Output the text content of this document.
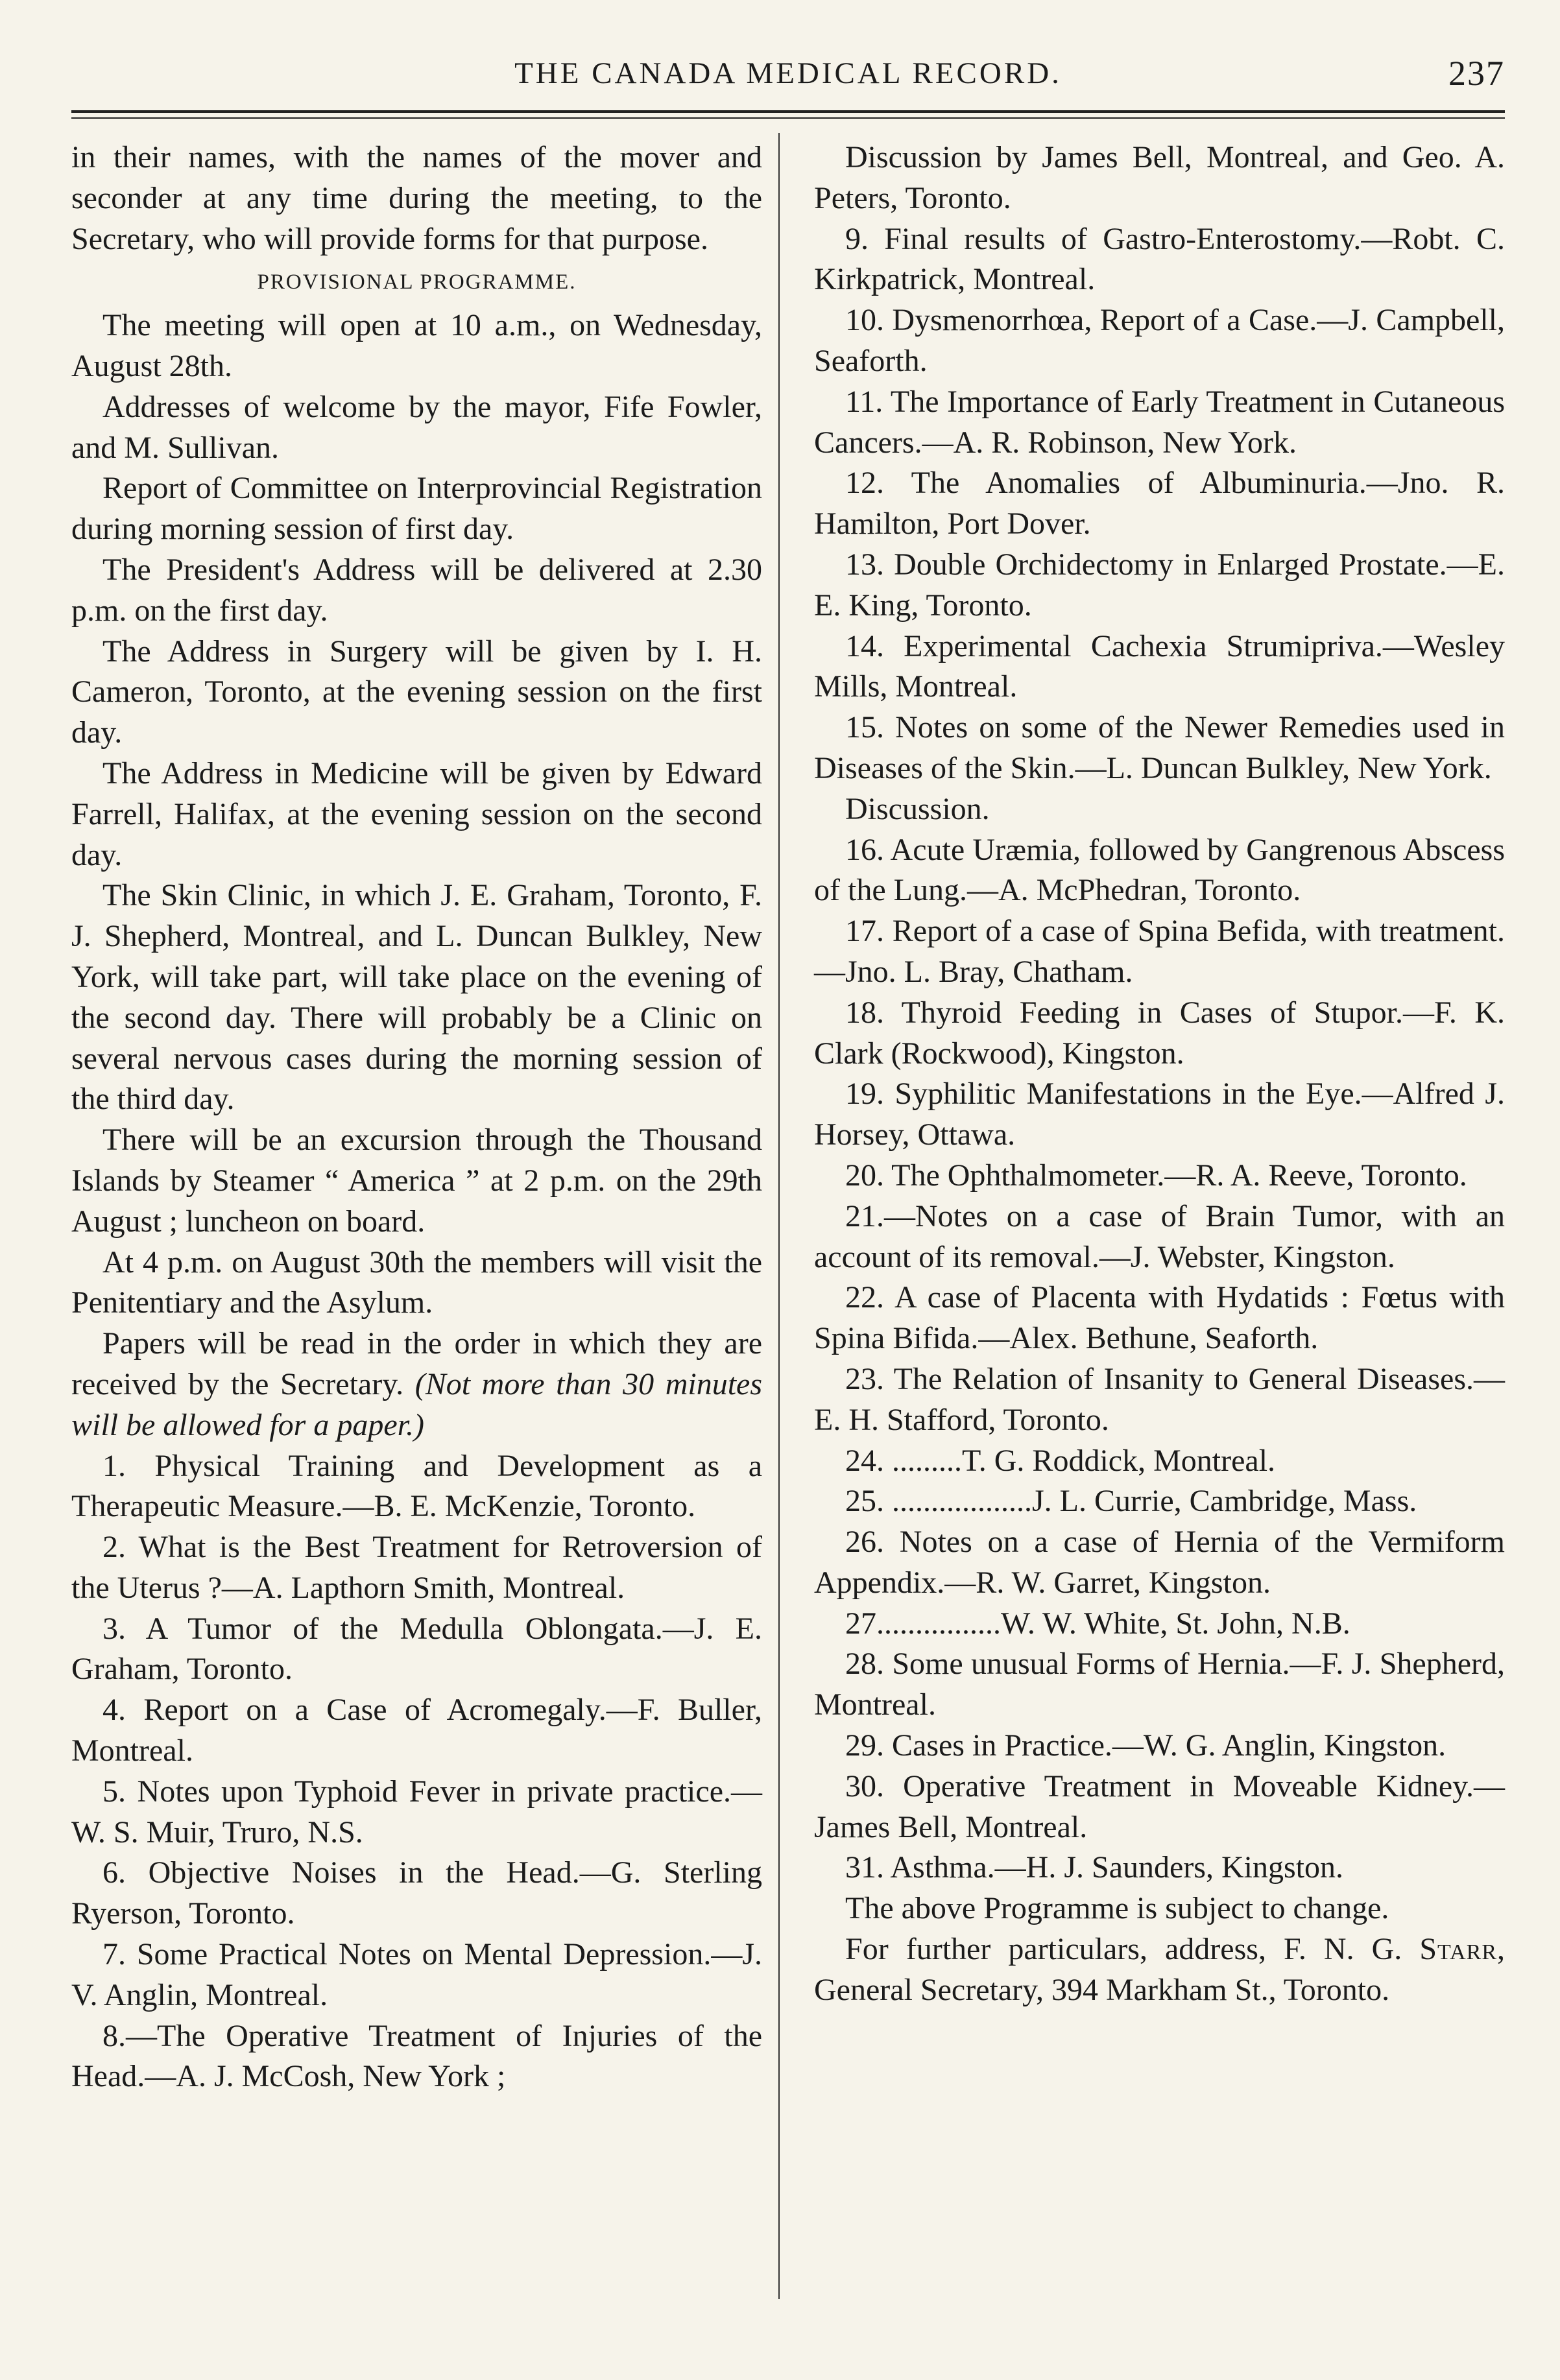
THE CANADA MEDICAL RECORD.	237

in their names, with the names of the mover and seconder at any time during the meeting, to the Secretary, who will provide forms for that purpose.

PROVISIONAL PROGRAMME.

The meeting will open at 10 a.m., on Wednesday, August 28th.

Addresses of welcome by the mayor, Fife Fowler, and M. Sullivan.

Report of Committee on Interprovincial Registration during morning session of first day.

The President's Address will be delivered at 2.30 p.m. on the first day.

The Address in Surgery will be given by I. H. Cameron, Toronto, at the evening session on the first day.

The Address in Medicine will be given by Edward Farrell, Halifax, at the evening session on the second day.

The Skin Clinic, in which J. E. Graham, Toronto, F. J. Shepherd, Montreal, and L. Duncan Bulkley, New York, will take part, will take place on the evening of the second day. There will probably be a Clinic on several nervous cases during the morning session of the third day.

There will be an excursion through the Thousand Islands by Steamer “ America ” at 2 p.m. on the 29th August ; luncheon on board.

At 4 p.m. on August 30th the members will visit the Penitentiary and the Asylum.

Papers will be read in the order in which they are received by the Secretary. (Not more than 30 minutes will be allowed for a paper.)

1. Physical Training and Development as a Therapeutic Measure.—B. E. McKenzie, Toronto.

2. What is the Best Treatment for Retroversion of the Uterus ?—A. Lapthorn Smith, Montreal.

3. A Tumor of the Medulla Oblongata.—J. E. Graham, Toronto.

4. Report on a Case of Acromegaly.—F. Buller, Montreal.

5. Notes upon Typhoid Fever in private practice.—W. S. Muir, Truro, N.S.

6. Objective Noises in the Head.—G. Sterling Ryerson, Toronto.

7. Some Practical Notes on Mental Depression.—J. V. Anglin, Montreal.

8.—The Operative Treatment of Injuries of the Head.—A. J. McCosh, New York ;

Discussion by James Bell, Montreal, and Geo. A. Peters, Toronto.

9. Final results of Gastro-Enterostomy.—Robt. C. Kirkpatrick, Montreal.

10. Dysmenorrhœa, Report of a Case.—J. Campbell, Seaforth.

11. The Importance of Early Treatment in Cutaneous Cancers.—A. R. Robinson, New York.

12. The Anomalies of Albuminuria.—Jno. R. Hamilton, Port Dover.

13. Double Orchidectomy in Enlarged Prostate.—E. E. King, Toronto.

14. Experimental Cachexia Strumipriva.—Wesley Mills, Montreal.

15. Notes on some of the Newer Remedies used in Diseases of the Skin.—L. Duncan Bulkley, New York.

Discussion.

16. Acute Uræmia, followed by Gangrenous Abscess of the Lung.—A. McPhedran, Toronto.

17. Report of a case of Spina Befida, with treatment.—Jno. L. Bray, Chatham.

18. Thyroid Feeding in Cases of Stupor.—F. K. Clark (Rockwood), Kingston.

19. Syphilitic Manifestations in the Eye.—Alfred J. Horsey, Ottawa.

20. The Ophthalmometer.—R. A. Reeve, Toronto.

21.—Notes on a case of Brain Tumor, with an account of its removal.—J. Webster, Kingston.

22. A case of Placenta with Hydatids : Fœtus with Spina Bifida.—Alex. Bethune, Seaforth.

23. The Relation of Insanity to General Diseases.—E. H. Stafford, Toronto.

24. .........T. G. Roddick, Montreal.

25. ..................J. L. Currie, Cambridge, Mass.

26. Notes on a case of Hernia of the Vermiform Appendix.—R. W. Garret, Kingston.

27................W. W. White, St. John, N.B.

28. Some unusual Forms of Hernia.—F. J. Shepherd, Montreal.

29. Cases in Practice.—W. G. Anglin, Kingston.

30. Operative Treatment in Moveable Kidney.—James Bell, Montreal.

31. Asthma.—H. J. Saunders, Kingston.

The above Programme is subject to change.

For further particulars, address, F. N. G. Starr, General Secretary, 394 Markham St., Toronto.
